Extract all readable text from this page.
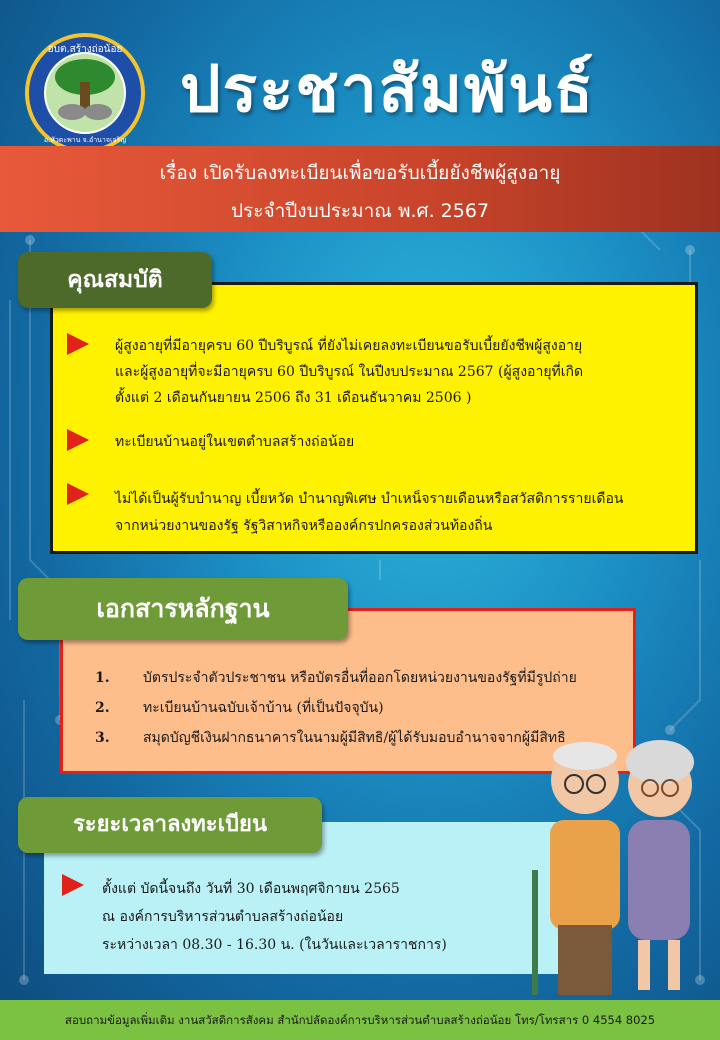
อบต.สร้างถ่อน้อย
อ.หัวตะพาน จ.อำนาจเจริญ
ประชาสัมพันธ์
เรื่อง เปิดรับลงทะเบียนเพื่อขอรับเบี้ยยังชีพผู้สูงอายุ
ประจำปีงบประมาณ พ.ศ. 2567
คุณสมบัติ
ผู้สูงอายุที่มีอายุครบ 60 ปีบริบูรณ์ ที่ยังไม่เคยลงทะเบียนขอรับเบี้ยยังชีพผู้สูงอายุ
และผู้สูงอายุที่จะมีอายุครบ 60 ปีบริบูรณ์ ในปีงบประมาณ 2567 (ผู้สูงอายุที่เกิด
ตั้งแต่ 2 เดือนกันยายน 2506 ถึง 31 เดือนธันวาคม 2506 )
ทะเบียนบ้านอยู่ในเขตตำบลสร้างถ่อน้อย
ไม่ได้เป็นผู้รับบำนาญ เบี้ยหวัด บำนาญพิเศษ บำเหน็จรายเดือนหรือสวัสดิการรายเดือน
จากหน่วยงานของรัฐ รัฐวิสาหกิจหรือองค์กรปกครองส่วนท้องถิ่น
เอกสารหลักฐาน
1. บัตรประจำตัวประชาชน หรือบัตรอื่นที่ออกโดยหน่วยงานของรัฐที่มีรูปถ่าย
2. ทะเบียนบ้านฉบับเจ้าบ้าน (ที่เป็นปัจจุบัน)
3. สมุดบัญชีเงินฝากธนาคารในนามผู้มีสิทธิ/ผู้ได้รับมอบอำนาจจากผู้มีสิทธิ
ตั้งแต่ บัดนี้จนถึง วันที่ 30 เดือนพฤศจิกายน 2565
ณ องค์การบริหารส่วนตำบลสร้างถ่อน้อย
ระหว่างเวลา 08.30 - 16.30 น. (ในวันและเวลาราชการ)
ระยะเวลาลงทะเบียน
สอบถามข้อมูลเพิ่มเติม งานสวัสดิการสังคม สำนักปลัดองค์การบริหารส่วนตำบลสร้างถ่อน้อย โทร/โทรสาร 0 4554 8025
